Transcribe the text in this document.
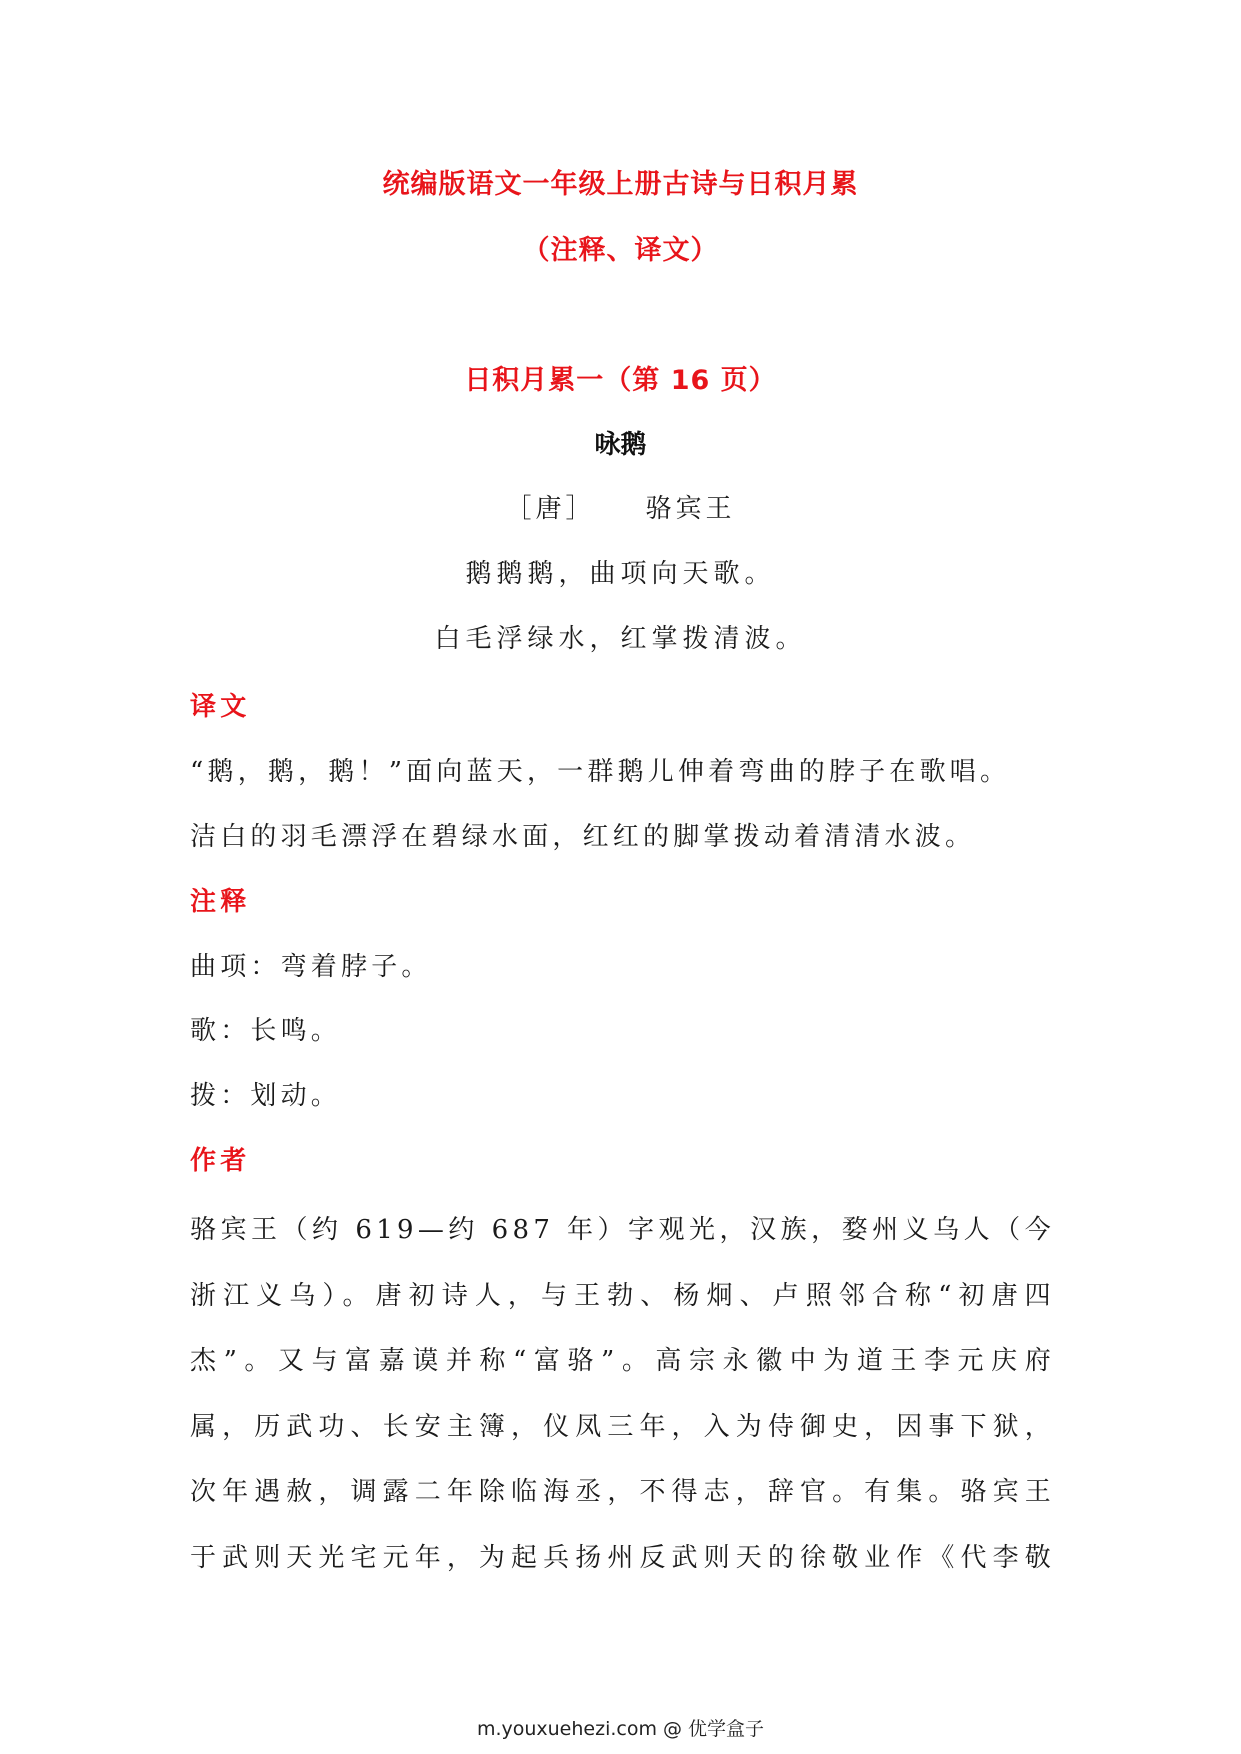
统编版语文一年级上册古诗与日积月累
（注释、译文）
日积月累一（第 16 页）
咏鹅
［唐］ 骆宾王
鹅鹅鹅，曲项向天歌。
白毛浮绿水，红掌拨清波。
译文
“鹅，鹅，鹅！”面向蓝天，一群鹅儿伸着弯曲的脖子在歌唱。
洁白的羽毛漂浮在碧绿水面，红红的脚掌拨动着清清水波。
注释
曲项：弯着脖子。
歌：长鸣。
拨：划动。
作者
骆宾王（约 619—约 687 年）字观光，汉族，婺州义乌人（今
浙江义乌）。唐初诗人，与王勃、杨炯、卢照邻合称“初唐四
杰”。又与富嘉谟并称“富骆”。高宗永徽中为道王李元庆府
属，历武功、长安主簿，仪凤三年，入为侍御史，因事下狱，
次年遇赦，调露二年除临海丞，不得志，辞官。有集。骆宾王
于武则天光宅元年，为起兵扬州反武则天的徐敬业作《代李敬
m.youxuehezi.com @ 优学盒子
